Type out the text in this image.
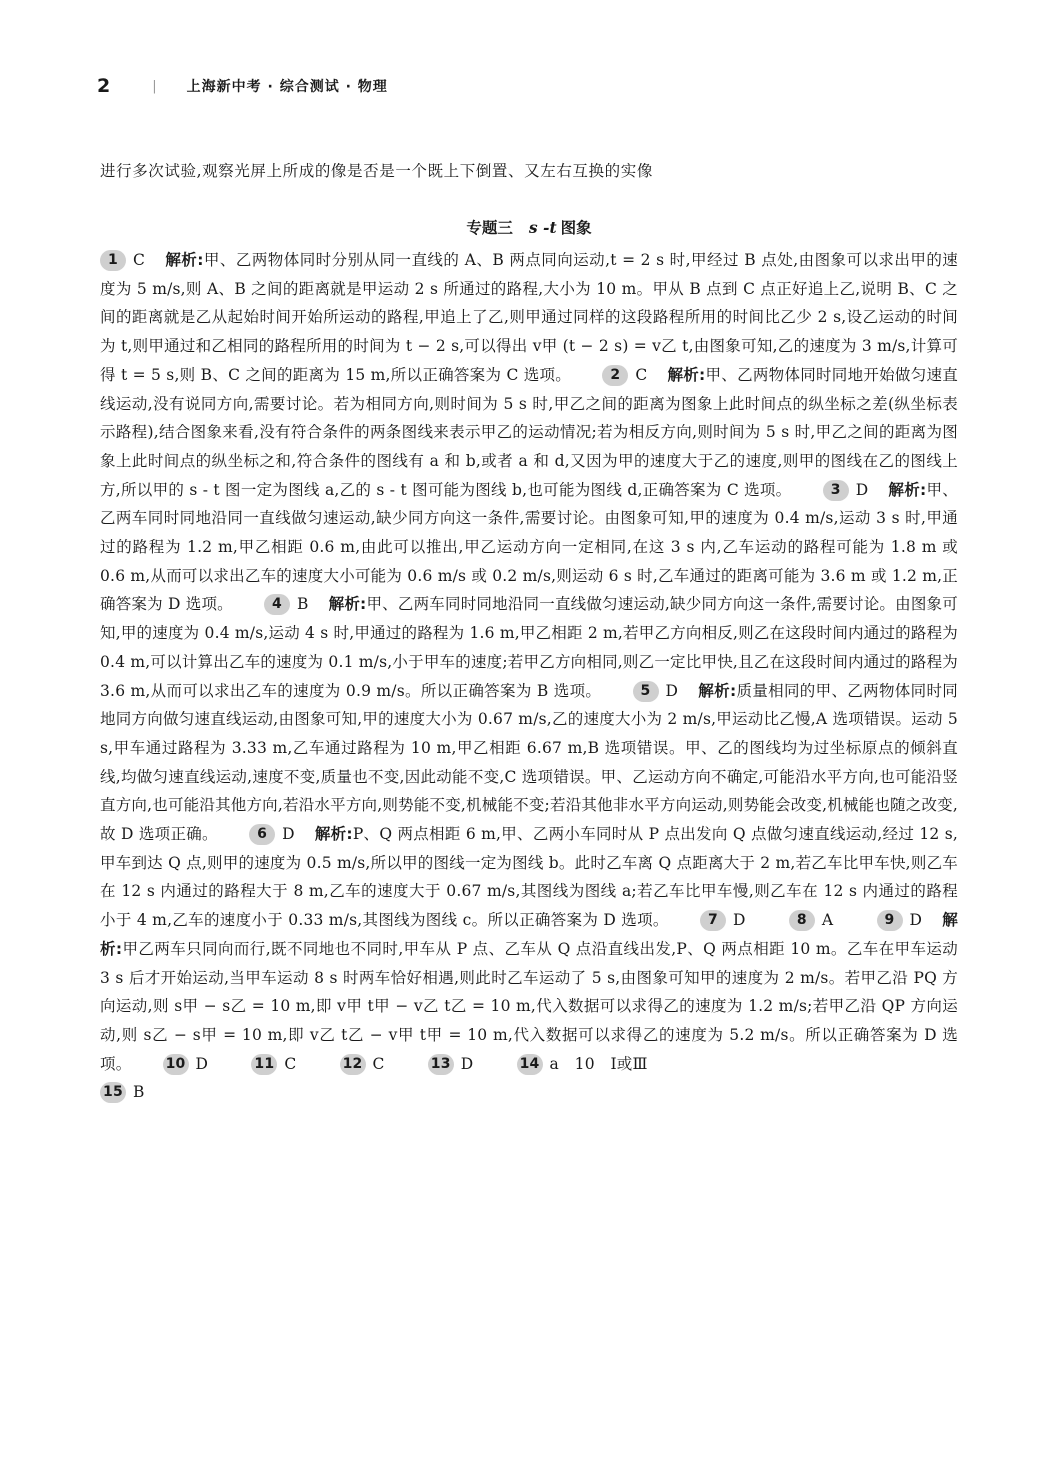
2	| 上海新中考 · 综合测试 · 物理
进行多次试验,观察光屏上所成的像是否是一个既上下倒置、又左右互换的实像
专题三 s -t 图象
1 C 解析:甲、乙两物体同时分别从同一直线的 A、B 两点同向运动,t = 2 s 时,甲经过 B 点处,由图象可以求出甲的速度为 5 m/s,则 A、B 之间的距离就是甲运动 2 s 所通过的路程,大小为 10 m。甲从 B 点到 C 点正好追上乙,说明 B、C 之间的距离就是乙从起始时间开始所运动的路程,甲追上了乙,则甲通过同样的这段路程所用的时间比乙少 2 s,设乙运动的时间为 t,则甲通过和乙相同的路程所用的时间为 t − 2 s,可以得出 v甲 (t − 2 s) = v乙 t,由图象可知,乙的速度为 3 m/s,计算可得 t = 5 s,则 B、C 之间的距离为 15 m,所以正确答案为 C 选项。	2 C 解析:甲、乙两物体同时同地开始做匀速直线运动,没有说同方向,需要讨论。若为相同方向,则时间为 5 s 时,甲乙之间的距离为图象上此时间点的纵坐标之差(纵坐标表示路程),结合图象来看,没有符合条件的两条图线来表示甲乙的运动情况;若为相反方向,则时间为 5 s 时,甲乙之间的距离为图象上此时间点的纵坐标之和,符合条件的图线有 a 和 b,或者 a 和 d,又因为甲的速度大于乙的速度,则甲的图线在乙的图线上方,所以甲的 s - t 图一定为图线 a,乙的 s - t 图可能为图线 b,也可能为图线 d,正确答案为 C 选项。	3 D 解析:甲、乙两车同时同地沿同一直线做匀速运动,缺少同方向这一条件,需要讨论。由图象可知,甲的速度为 0.4 m/s,运动 3 s 时,甲通过的路程为 1.2 m,甲乙相距 0.6 m,由此可以推出,甲乙运动方向一定相同,在这 3 s 内,乙车运动的路程可能为 1.8 m 或 0.6 m,从而可以求出乙车的速度大小可能为 0.6 m/s 或 0.2 m/s,则运动 6 s 时,乙车通过的距离可能为 3.6 m 或 1.2 m,正确答案为 D 选项。	4 B 解析:甲、乙两车同时同地沿同一直线做匀速运动,缺少同方向这一条件,需要讨论。由图象可知,甲的速度为 0.4 m/s,运动 4 s 时,甲通过的路程为 1.6 m,甲乙相距 2 m,若甲乙方向相反,则乙在这段时间内通过的路程为 0.4 m,可以计算出乙车的速度为 0.1 m/s,小于甲车的速度;若甲乙方向相同,则乙一定比甲快,且乙在这段时间内通过的路程为 3.6 m,从而可以求出乙车的速度为 0.9 m/s。所以正确答案为 B 选项。	5 D 解析:质量相同的甲、乙两物体同时同地同方向做匀速直线运动,由图象可知,甲的速度大小为 0.67 m/s,乙的速度大小为 2 m/s,甲运动比乙慢,A 选项错误。运动 5 s,甲车通过路程为 3.33 m,乙车通过路程为 10 m,甲乙相距 6.67 m,B 选项错误。甲、乙的图线均为过坐标原点的倾斜直线,均做匀速直线运动,速度不变,质量也不变,因此动能不变,C 选项错误。甲、乙运动方向不确定,可能沿水平方向,也可能沿竖直方向,也可能沿其他方向,若沿水平方向,则势能不变,机械能不变;若沿其他非水平方向运动,则势能会改变,机械能也随之改变,故 D 选项正确。	6 D 解析:P、Q 两点相距 6 m,甲、乙两小车同时从 P 点出发向 Q 点做匀速直线运动,经过 12 s,甲车到达 Q 点,则甲的速度为 0.5 m/s,所以甲的图线一定为图线 b。此时乙车离 Q 点距离大于 2 m,若乙车比甲车快,则乙车在 12 s 内通过的路程大于 8 m,乙车的速度大于 0.67 m/s,其图线为图线 a;若乙车比甲车慢,则乙车在 12 s 内通过的路程小于 4 m,乙车的速度小于 0.33 m/s,其图线为图线 c。所以正确答案为 D 选项。	7 D	8 A	9 D 解析:甲乙两车只同向而行,既不同地也不同时,甲车从 P 点、乙车从 Q 点沿直线出发,P、Q 两点相距 10 m。乙车在甲车运动 3 s 后才开始运动,当甲车运动 8 s 时两车恰好相遇,则此时乙车运动了 5 s,由图象可知甲的速度为 2 m/s。若甲乙沿 PQ 方向运动,则 s甲 − s乙 = 10 m,即 v甲 t甲 − v乙 t乙 = 10 m,代入数据可以求得乙的速度为 1.2 m/s;若甲乙沿 QP 方向运动,则 s乙 − s甲 = 10 m,即 v乙 t乙 − v甲 t甲 = 10 m,代入数据可以求得乙的速度为 5.2 m/s。所以正确答案为 D 选项。 10 D	11 C	12 C	13 D	14 a　10　Ⅰ或Ⅲ
15 B
